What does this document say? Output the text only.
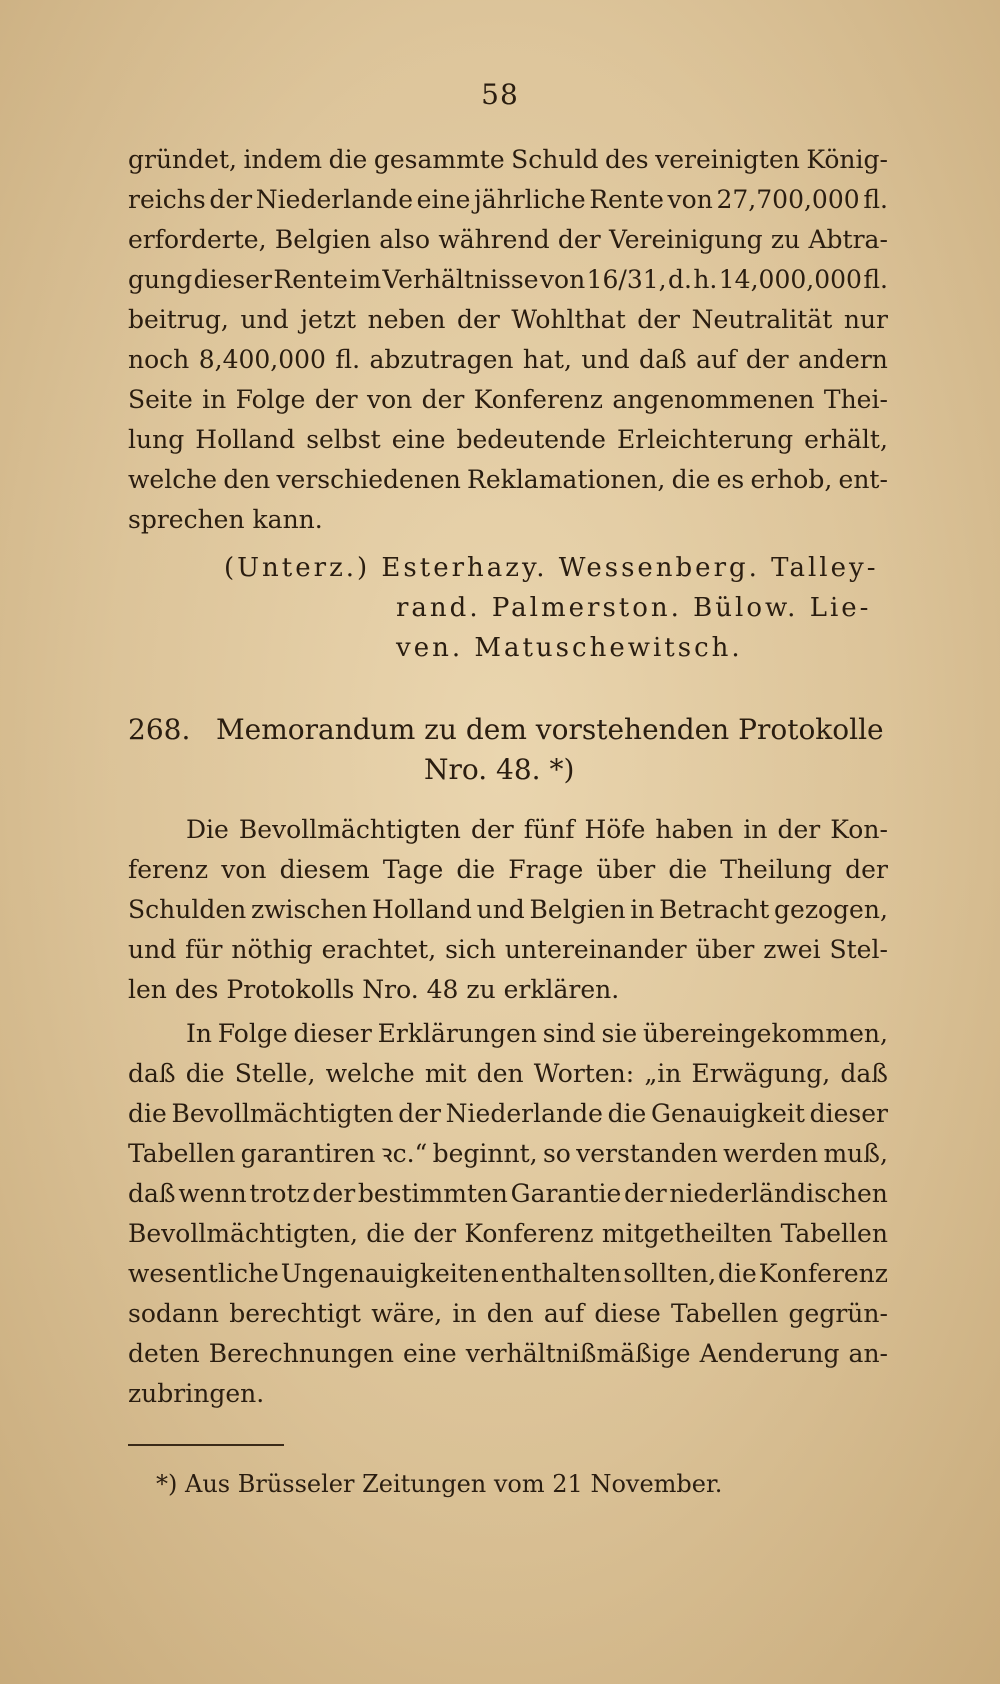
58
gründet, indem die gesammte Schuld des vereinigten König-
reichs der Niederlande eine jährliche Rente von 27,700,000 fl.
erforderte, Belgien also während der Vereinigung zu Abtra-
gung dieser Rente im Verhältnisse von 16/31, d. h. 14,000,000 fl.
beitrug, und jetzt neben der Wohlthat der Neutralität nur
noch 8,400,000 fl. abzutragen hat, und daß auf der andern
Seite in Folge der von der Konferenz angenommenen Thei-
lung Holland selbst eine bedeutende Erleichterung erhält,
welche den verschiedenen Reklamationen, die es erhob, ent-
sprechen kann.
(Unterz.) Esterhazy. Wessenberg. Talley-
rand. Palmerston. Bülow. Lie-
ven. Matuschewitsch.
268. Memorandum zu dem vorstehenden Protokolle
Nro. 48. *)
Die Bevollmächtigten der fünf Höfe haben in der Kon-
ferenz von diesem Tage die Frage über die Theilung der
Schulden zwischen Holland und Belgien in Betracht gezogen,
und für nöthig erachtet, sich untereinander über zwei Stel-
len des Protokolls Nro. 48 zu erklären.
In Folge dieser Erklärungen sind sie übereingekommen,
daß die Stelle, welche mit den Worten: „in Erwägung, daß
die Bevollmächtigten der Niederlande die Genauigkeit dieser
Tabellen garantiren ꝛc.“ beginnt, so verstanden werden muß,
daß wenn trotz der bestimmten Garantie der niederländischen
Bevollmächtigten, die der Konferenz mitgetheilten Tabellen
wesentliche Ungenauigkeiten enthalten sollten, die Konferenz
sodann berechtigt wäre, in den auf diese Tabellen gegrün-
deten Berechnungen eine verhältnißmäßige Aenderung an-
zubringen.
*) Aus Brüsseler Zeitungen vom 21 November.
